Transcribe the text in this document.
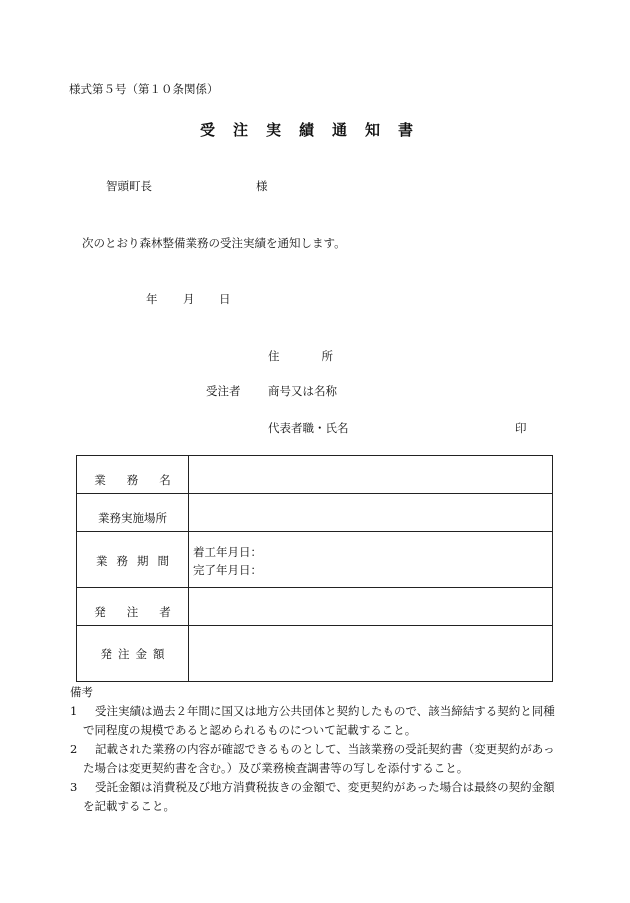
様式第５号（第１０条関係）
受注実績通知書
智頭町長	様
次のとおり森林整備業務の受注実績を通知します。
年 月 日
住所
受注者 商号又は名称
代表者職・氏名	印
業務名	
業務実施場所	
業務期間	着工年月日：
完了年月日：

発注者	
発注金額	
備考
1	受注実績は過去２年間に国又は地方公共団体と契約したもので、該当締結する契約と同種で同程度の規模であると認められるものについて記載すること。
2	記載された業務の内容が確認できるものとして、当該業務の受託契約書（変更契約があった場合は変更契約書を含む。）及び業務検査調書等の写しを添付すること。
3	受託金額は消費税及び地方消費税抜きの金額で、変更契約があった場合は最終の契約金額を記載すること。
